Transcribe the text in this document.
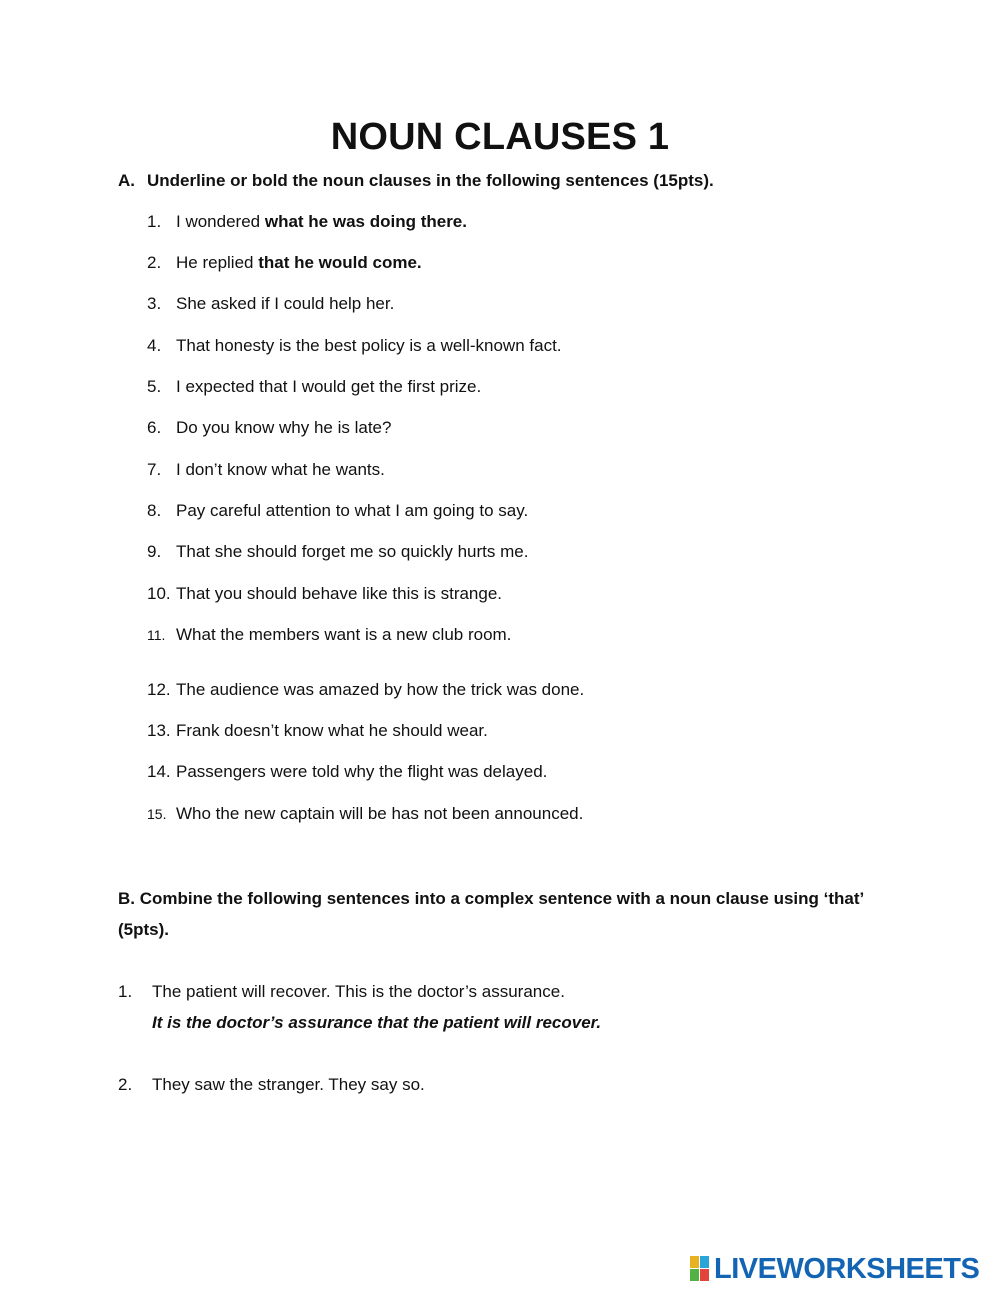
NOUN CLAUSES 1
A. Underline or bold the noun clauses in the following sentences (15pts).
1. I wondered what he was doing there.
2. He replied that he would come.
3. She asked if I could help her.
4. That honesty is the best policy is a well-known fact.
5. I expected that I would get the first prize.
6. Do you know why he is late?
7. I don’t know what he wants.
8. Pay careful attention to what I am going to say.
9. That she should forget me so quickly hurts me.
10. That you should behave like this is strange.
11. What the members want is a new club room.
12. The audience was amazed by how the trick was done.
13. Frank doesn’t know what he should wear.
14. Passengers were told why the flight was delayed.
15. Who the new captain will be has not been announced.
B. Combine the following sentences into a complex sentence with a noun clause using ‘that’ (5pts).
1. The patient will recover. This is the doctor’s assurance.
It is the doctor’s assurance that the patient will recover.
2. They saw the stranger. They say so.
LIVEWORKSHEETS
